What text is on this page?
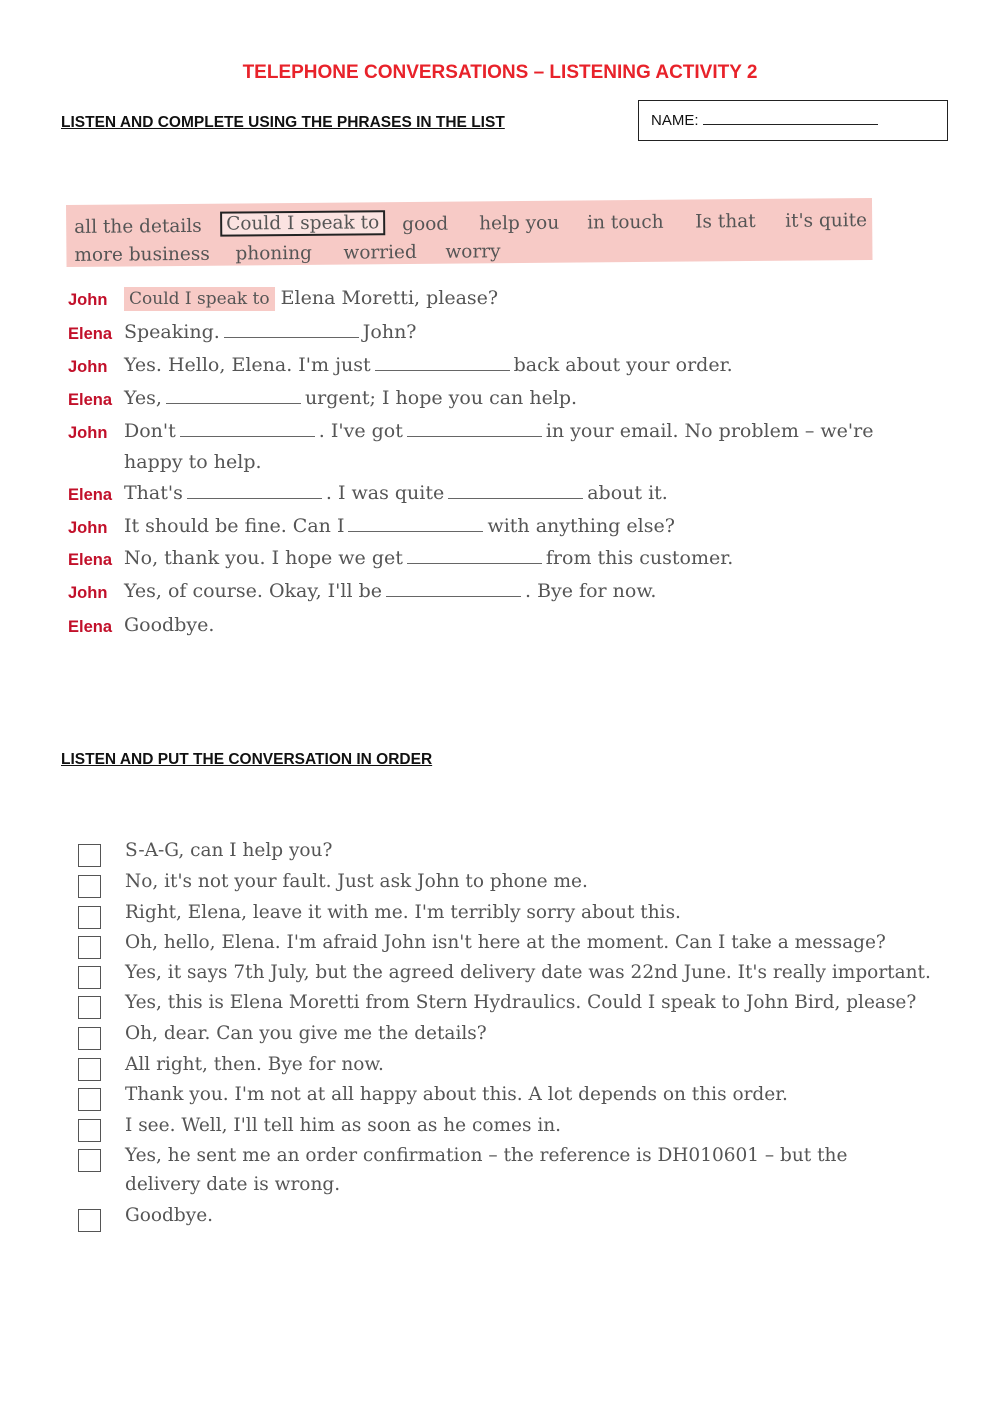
TELEPHONE CONVERSATIONS – LISTENING ACTIVITY 2
LISTEN AND COMPLETE USING THE PHRASES IN THE LIST	NAME:
all the details	Could I speak to	good help you in touch Is that it's quite
more business phoning worried worry
John	Could I speak to Elena Moretti, please?
Elena Speaking.	John?
John Yes. Hello, Elena. I'm just	back about your order.
Elena Yes,	urgent; I hope you can help.
John Don't	. I've got	in your email. No problem – we're
happy to help.
Elena That's	. I was quite	about it.
John It should be fine. Can I	with anything else?
Elena No, thank you. I hope we get	from this customer.
John Yes, of course. Okay, I'll be	. Bye for now.
Elena Goodbye.
LISTEN AND PUT THE CONVERSATION IN ORDER
S-A-G, can I help you?
No, it's not your fault. Just ask John to phone me.
Right, Elena, leave it with me. I'm terribly sorry about this.
Oh, hello, Elena. I'm afraid John isn't here at the moment. Can I take a message?
Yes, it says 7th July, but the agreed delivery date was 22nd June. It's really important.
Yes, this is Elena Moretti from Stern Hydraulics. Could I speak to John Bird, please?
Oh, dear. Can you give me the details?
All right, then. Bye for now.
Thank you. I'm not at all happy about this. A lot depends on this order.
I see. Well, I'll tell him as soon as he comes in.
Yes, he sent me an order confirmation – the reference is DH010601 – but the
delivery date is wrong.
Goodbye.
